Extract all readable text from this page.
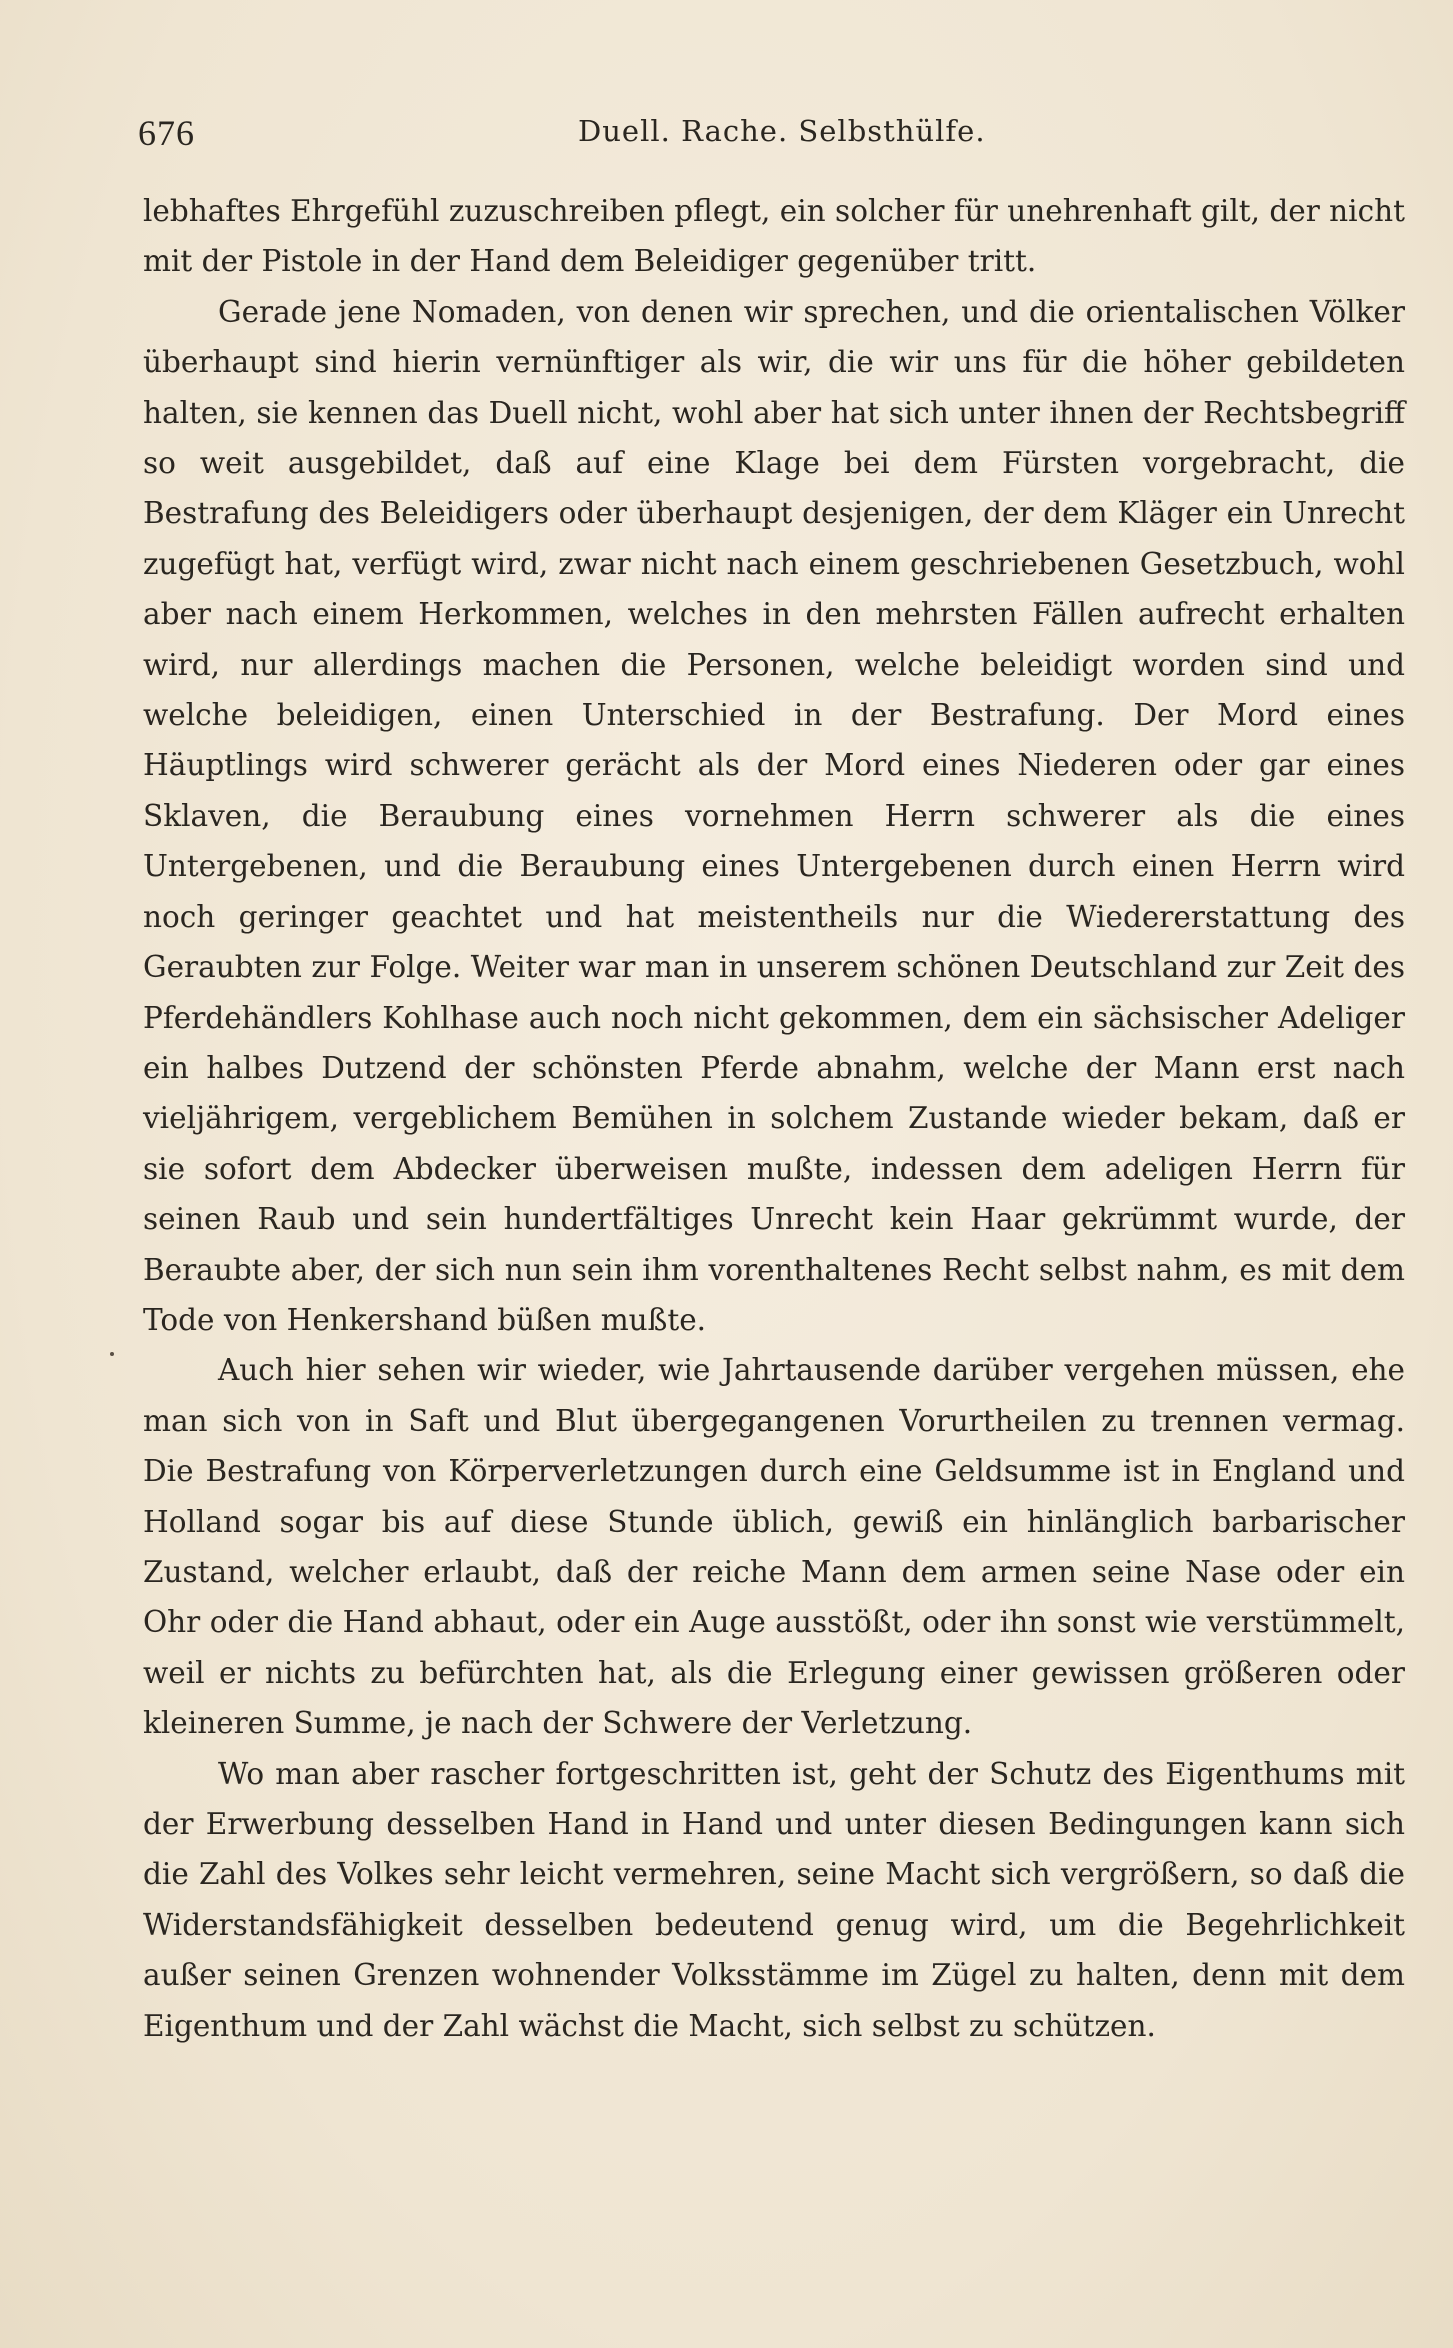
676	Duell. Rache. Selbsthülfe.

lebhaftes Ehrgefühl zuzuschreiben pflegt, ein solcher für unehrenhaft gilt, der nicht mit der Pistole in der Hand dem Beleidiger gegenüber tritt.

Gerade jene Nomaden, von denen wir sprechen, und die orientalischen Völker überhaupt sind hierin vernünftiger als wir, die wir uns für die höher gebildeten halten, sie kennen das Duell nicht, wohl aber hat sich unter ihnen der Rechtsbegriff so weit ausgebildet, daß auf eine Klage bei dem Fürsten vorgebracht, die Bestrafung des Beleidigers oder überhaupt desjenigen, der dem Kläger ein Unrecht zugefügt hat, verfügt wird, zwar nicht nach einem geschriebenen Gesetzbuch, wohl aber nach einem Herkommen, welches in den mehrsten Fällen aufrecht erhalten wird, nur allerdings machen die Personen, welche beleidigt worden sind und welche beleidigen, einen Unterschied in der Bestrafung. Der Mord eines Häuptlings wird schwerer gerächt als der Mord eines Niederen oder gar eines Sklaven, die Beraubung eines vornehmen Herrn schwerer als die eines Untergebenen, und die Beraubung eines Untergebenen durch einen Herrn wird noch geringer geachtet und hat meistentheils nur die Wiedererstattung des Geraubten zur Folge. Weiter war man in unserem schönen Deutschland zur Zeit des Pferdehändlers Kohlhase auch noch nicht gekommen, dem ein sächsischer Adeliger ein halbes Dutzend der schönsten Pferde abnahm, welche der Mann erst nach vieljährigem, vergeblichem Bemühen in solchem Zustande wieder bekam, daß er sie sofort dem Abdecker überweisen mußte, indessen dem adeligen Herrn für seinen Raub und sein hundertfältiges Unrecht kein Haar gekrümmt wurde, der Beraubte aber, der sich nun sein ihm vorenthaltenes Recht selbst nahm, es mit dem Tode von Henkershand büßen mußte.

Auch hier sehen wir wieder, wie Jahrtausende darüber vergehen müssen, ehe man sich von in Saft und Blut übergegangenen Vorurtheilen zu trennen vermag. Die Bestrafung von Körperverletzungen durch eine Geldsumme ist in England und Holland sogar bis auf diese Stunde üblich, gewiß ein hinlänglich barbarischer Zustand, welcher erlaubt, daß der reiche Mann dem armen seine Nase oder ein Ohr oder die Hand abhaut, oder ein Auge ausstößt, oder ihn sonst wie verstümmelt, weil er nichts zu befürchten hat, als die Erlegung einer gewissen größeren oder kleineren Summe, je nach der Schwere der Verletzung.

Wo man aber rascher fortgeschritten ist, geht der Schutz des Eigenthums mit der Erwerbung desselben Hand in Hand und unter diesen Bedingungen kann sich die Zahl des Volkes sehr leicht vermehren, seine Macht sich vergrößern, so daß die Widerstandsfähigkeit desselben bedeutend genug wird, um die Begehrlichkeit außer seinen Grenzen wohnender Volksstämme im Zügel zu halten, denn mit dem Eigenthum und der Zahl wächst die Macht, sich selbst zu schützen.
